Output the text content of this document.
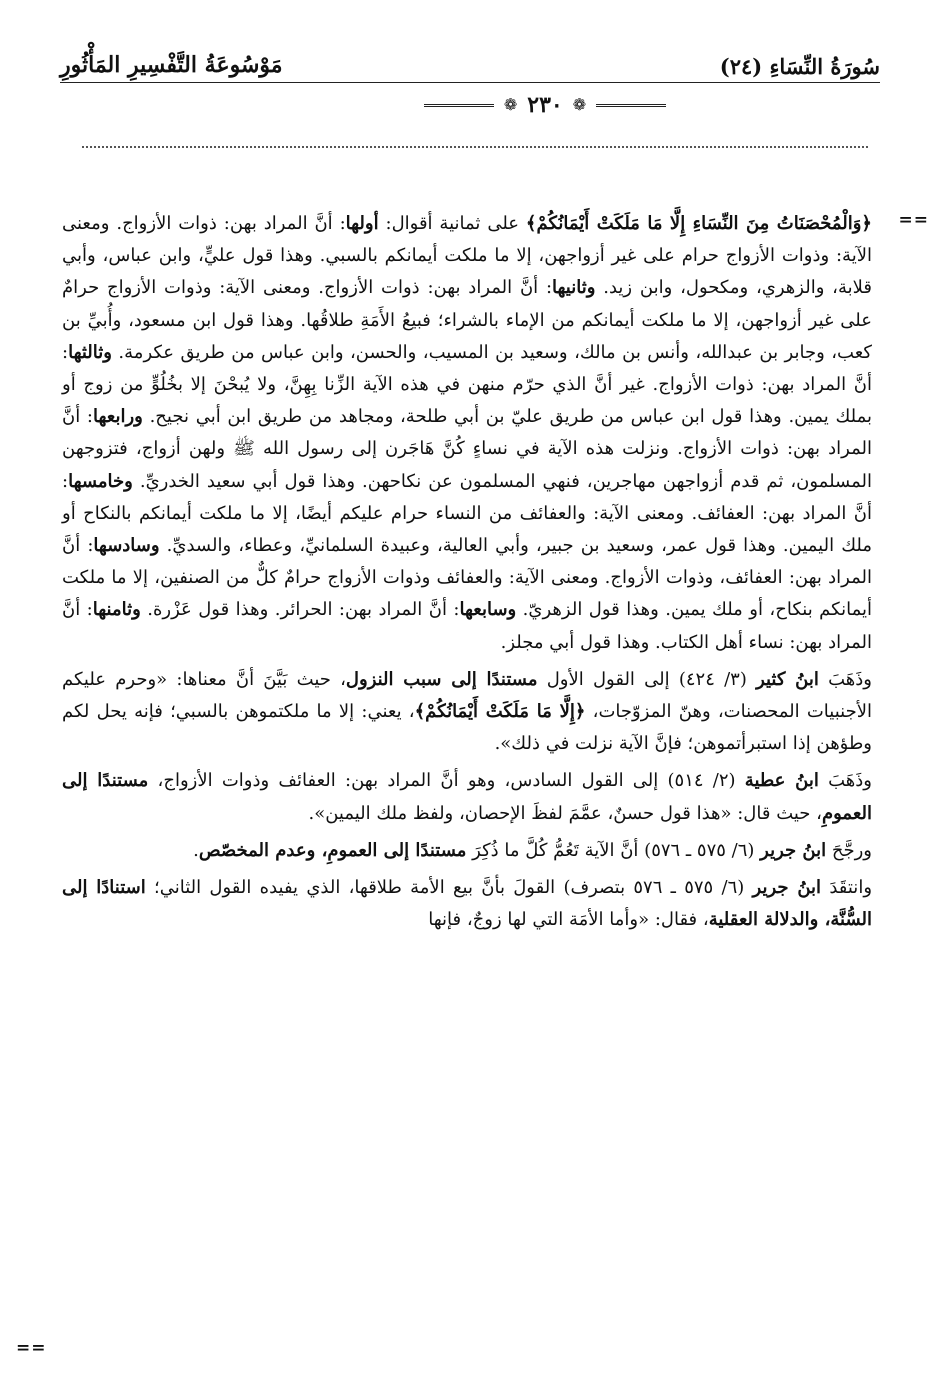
سُورَةُ النِّسَاءِ (٢٤)
مَوْسُوعَةُ التَّفْسِيرِ المَأْثُورِ
❁
٢٣٠
❁
==
==

﴿وَالْمُحْصَنَاتُ مِنَ النِّسَاءِ إِلَّا مَا مَلَكَتْ أَيْمَانُكُمْ﴾ على ثمانية أقوال: أولها: أنَّ المراد بهن: ذوات الأزواج. ومعنى الآية: وذوات الأزواج حرام على غير أزواجهن، إلا ما ملكت أيمانكم بالسبي. وهذا قول عليٍّ، وابن عباس، وأبي قلابة، والزهري، ومكحول، وابن زيد. وثانيها: أنَّ المراد بهن: ذوات الأزواج. ومعنى الآية: وذوات الأزواج حرامٌ على غير أزواجهن، إلا ما ملكت أيمانكم من الإماء بالشراء؛ فبيعُ الأَمَةِ طلاقُها. وهذا قول ابن مسعود، وأُبيِّ بن كعب، وجابر بن عبدالله، وأنس بن مالك، وسعيد بن المسيب، والحسن، وابن عباس من طريق عكرمة. وثالثها: أنَّ المراد بهن: ذوات الأزواج. غير أنَّ الذي حرّم منهن في هذه الآية الزِّنا بِهِنَّ، ولا يُبحْنَ إلا بخُلُوٍّ من زوج أو بملك يمين. وهذا قول ابن عباس من طريق عليّ بن أبي طلحة، ومجاهد من طريق ابن أبي نجيح. ورابعها: أنَّ المراد بهن: ذوات الأزواج. ونزلت هذه الآية في نساءٍ كُنَّ هَاجَرن إلى رسول الله ﷺ ولهن أزواج، فتزوجهن المسلمون، ثم قدم أزواجهن مهاجرين، فنهي المسلمون عن نكاحهن. وهذا قول أبي سعيد الخدريِّ. وخامسها: أنَّ المراد بهن: العفائف. ومعنى الآية: والعفائف من النساء حرام عليكم أيضًا، إلا ما ملكت أيمانكم بالنكاح أو ملك اليمين. وهذا قول عمر، وسعيد بن جبير، وأبي العالية، وعبيدة السلمانيِّ، وعطاء، والسديِّ. وسادسها: أنَّ المراد بهن: العفائف، وذوات الأزواج. ومعنى الآية: والعفائف وذوات الأزواج حرامٌ كلٌّ من الصنفين، إلا ما ملكت أيمانكم بنكاح، أو ملك يمين. وهذا قول الزهريّ. وسابعها: أنَّ المراد بهن: الحرائر. وهذا قول عَزْرة. وثامنها: أنَّ المراد بهن: نساء أهل الكتاب. وهذا قول أبي مجلز.

وذَهَبَ ابنُ كثير (٣/ ٤٢٤) إلى القول الأول مستندًا إلى سبب النزول، حيث بَيَّنَ أنَّ معناها: «وحرم عليكم الأجنبيات المحصنات، وهنّ المزوّجات، ﴿إِلَّا مَا مَلَكَتْ أَيْمَانُكُمْ﴾، يعني: إلا ما ملكتموهن بالسبي؛ فإنه يحل لكم وطؤهن إذا استبرأتموهن؛ فإنَّ الآية نزلت في ذلك».

وذَهَبَ ابنُ عطية (٢/ ٥١٤) إلى القول السادس، وهو أنَّ المراد بهن: العفائف وذوات الأزواج، مستندًا إلى العمومِ، حيث قال: «هذا قول حسنٌ، عمَّمَ لفظَ الإحصان، ولفظ ملك اليمين».

ورجَّحَ ابنُ جرير (٦/ ٥٧٥ ـ ٥٧٦) أنَّ الآية تَعُمُّ كُلَّ ما ذُكِرَ مستندًا إلى العمومِ، وعدم المخصّص.

وانتقَدَ ابنُ جرير (٦/ ٥٧٥ ـ ٥٧٦ بتصرف) القولَ بأنَّ بيع الأمة طلاقها، الذي يفيده القول الثاني؛ استنادًا إلى السُّنَّة، والدلالة العقلية، فقال: «وأما الأمَة التي لها زوجٌ، فإنها
